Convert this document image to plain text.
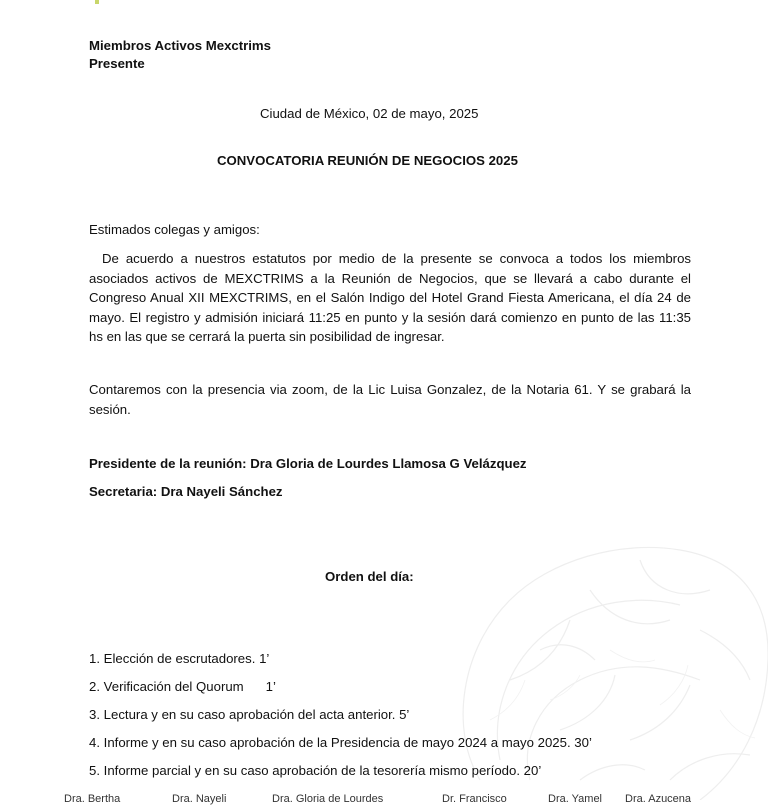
Miembros Activos Mexctrims
Presente
Ciudad de México, 02 de mayo, 2025
CONVOCATORIA REUNIÓN DE NEGOCIOS 2025
Estimados colegas y amigos:
De acuerdo a nuestros estatutos por medio de la presente se convoca a todos los miembros asociados activos de MEXCTRIMS a la Reunión de Negocios, que se llevará a cabo durante el Congreso Anual XII MEXCTRIMS, en el Salón Indigo del Hotel Grand Fiesta Americana, el día 24 de mayo. El registro y admisión iniciará 11:25 en punto y la sesión dará comienzo en punto de las 11:35 hs en las que se cerrará la puerta sin posibilidad de ingresar.
Contaremos con la presencia via zoom, de la Lic Luisa Gonzalez, de la Notaria 61. Y se grabará la sesión.
Presidente de la reunión: Dra Gloria de Lourdes Llamosa G Velázquez
Secretaria: Dra Nayeli Sánchez
Orden del día:
1. Elección de escrutadores. 1’
2. Verificación del Quorum      1’
3. Lectura y en su caso aprobación del acta anterior. 5’
4. Informe y en su caso aprobación de la Presidencia de mayo 2024 a mayo 2025. 30’
5. Informe parcial y en su caso aprobación de la tesorería mismo período. 20’
Dra. Bertha	Dra. Nayeli	Dra. Gloria de Lourdes	Dr. Francisco	Dra. Yamel Dra. Azucena
